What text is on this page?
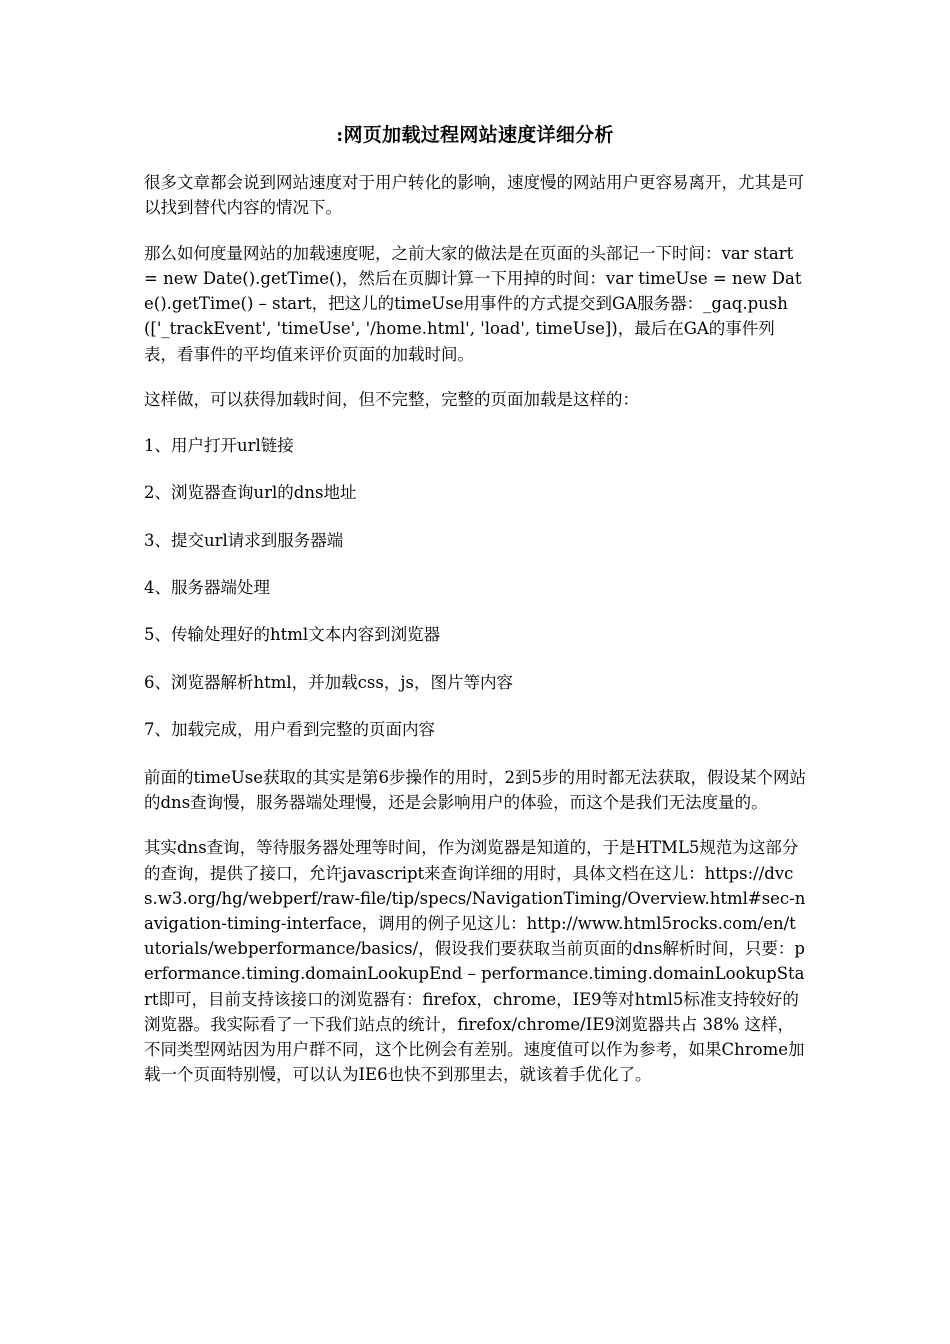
:网页加载过程网站速度详细分析

很多文章都会说到网站速度对于用户转化的影响，速度慢的网站用户更容易离开，尤其是可以找到替代内容的情况下。

那么如何度量网站的加载速度呢，之前大家的做法是在页面的头部记一下时间：var start = new Date().getTime()，然后在页脚计算一下用掉的时间：var timeUse = new Date().getTime() – start，把这儿的timeUse用事件的方式提交到GA服务器：_gaq.push(['_trackEvent', 'timeUse', '/home.html', 'load', timeUse])，最后在GA的事件列表，看事件的平均值来评价页面的加载时间。

这样做，可以获得加载时间，但不完整，完整的页面加载是这样的：

1、用户打开url链接
2、浏览器查询url的dns地址
3、提交url请求到服务器端
4、服务器端处理
5、传输处理好的html文本内容到浏览器
6、浏览器解析html，并加载css，js，图片等内容
7、加载完成，用户看到完整的页面内容

前面的timeUse获取的其实是第6步操作的用时，2到5步的用时都无法获取，假设某个网站的dns查询慢，服务器端处理慢，还是会影响用户的体验，而这个是我们无法度量的。

其实dns查询，等待服务器处理等时间，作为浏览器是知道的，于是HTML5规范为这部分的查询，提供了接口，允许javascript来查询详细的用时，具体文档在这儿：https://dvcs.w3.org/hg/webperf/raw-file/tip/specs/NavigationTiming/Overview.html#sec-navigation-timing-interface，调用的例子见这儿：http://www.html5rocks.com/en/tutorials/webperformance/basics/，假设我们要获取当前页面的dns解析时间，只要：performance.timing.domainLookupEnd – performance.timing.domainLookupStart即可，目前支持该接口的浏览器有：firefox，chrome，IE9等对html5标准支持较好的浏览器。我实际看了一下我们站点的统计，firefox/chrome/IE9浏览器共占 38% 这样，不同类型网站因为用户群不同，这个比例会有差别。速度值可以作为参考，如果Chrome加载一个页面特别慢，可以认为IE6也快不到那里去，就该着手优化了。
